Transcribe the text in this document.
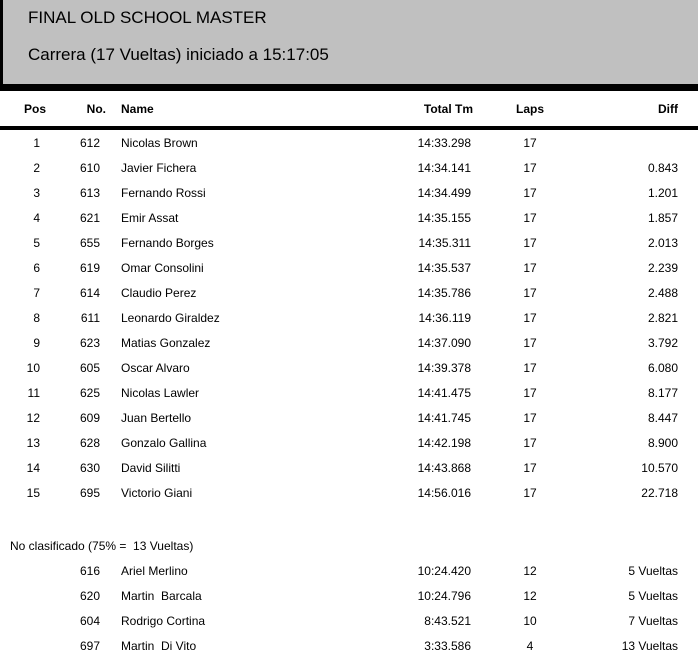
FINAL OLD SCHOOL MASTER
Carrera (17 Vueltas) iniciado a 15:17:05
Pos	No.	Name	Total Tm	Laps	Diff
1	612	Nicolas Brown	14:33.298	17	
2	610	Javier Fichera	14:34.141	17	0.843
3	613	Fernando Rossi	14:34.499	17	1.201
4	621	Emir Assat	14:35.155	17	1.857
5	655	Fernando Borges	14:35.311	17	2.013
6	619	Omar Consolini	14:35.537	17	2.239
7	614	Claudio Perez	14:35.786	17	2.488
8	611	Leonardo Giraldez	14:36.119	17	2.821
9	623	Matias Gonzalez	14:37.090	17	3.792
10	605	Oscar Alvaro	14:39.378	17	6.080
11	625	Nicolas Lawler	14:41.475	17	8.177
12	609	Juan Bertello	14:41.745	17	8.447
13	628	Gonzalo Gallina	14:42.198	17	8.900
14	630	David Silitti	14:43.868	17	10.570
15	695	Victorio Giani	14:56.016	17	22.718

No clasificado (75% =  13 Vueltas)					
	616	Ariel Merlino	10:24.420	12	5 Vueltas
	620	Martin  Barcala	10:24.796	12	5 Vueltas
	604	Rodrigo Cortina	8:43.521	10	7 Vueltas
	697	Martin  Di Vito	3:33.586	4	13 Vueltas
